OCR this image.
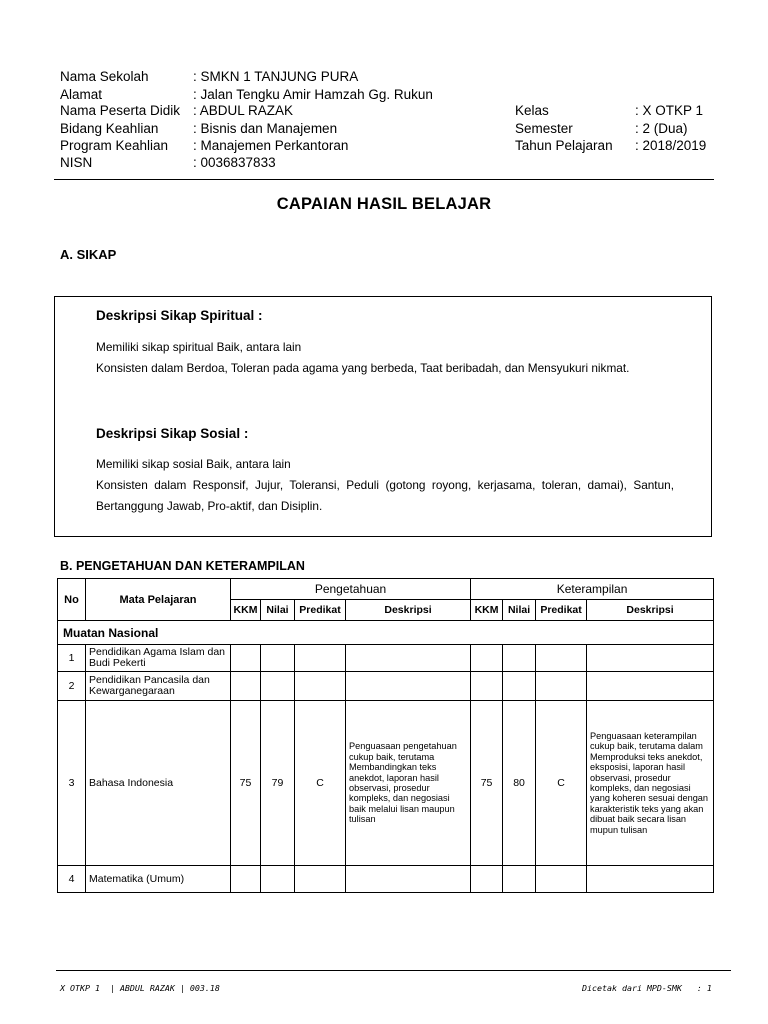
Nama Sekolah	: SMKN 1 TANJUNG PURA
Alamat	: Jalan Tengku Amir Hamzah Gg. Rukun
Nama Peserta Didik : ABDUL RAZAK
Bidang Keahlian	: Bisnis dan Manajemen
Program Keahlian : Manajemen Perkantoran
NISN	: 0036837833
Kelas	: X OTKP 1
Semester	: 2 (Dua)
Tahun Pelajaran : 2018/2019
CAPAIAN HASIL BELAJAR
A. SIKAP
Deskripsi Sikap Spiritual :
Memiliki sikap spiritual Baik, antara lain
Konsisten dalam Berdoa, Toleran pada agama yang berbeda, Taat beribadah, dan Mensyukuri nikmat.
Deskripsi Sikap Sosial :
Memiliki sikap sosial Baik, antara lain
Konsisten dalam Responsif, Jujur, Toleransi, Peduli (gotong royong, kerjasama, toleran, damai), Santun, Bertanggung Jawab, Pro-aktif, dan Disiplin.
B. PENGETAHUAN DAN KETERAMPILAN
No	Mata Pelajaran	Pengetahuan				Keterampilan			
		KKM	Nilai	Predikat	Deskripsi	KKM	Nilai	Predikat	Deskripsi
Muatan Nasional									
1	Pendidikan Agama Islam dan Budi Pekerti								
2	Pendidikan Pancasila dan Kewarganegaraan								
3	Bahasa Indonesia	75	79	C	Penguasaan pengetahuan cukup baik, terutama Membandingkan teks anekdot, laporan hasil observasi, prosedur kompleks, dan negosiasi baik melalui lisan maupun tulisan	75	80	C	Penguasaan keterampilan cukup baik, terutama dalam Memproduksi teks anekdot, eksposisi, laporan hasil observasi, prosedur kompleks, dan negosiasi yang koheren sesuai dengan karakteristik teks yang akan dibuat baik secara lisan mupun tulisan
4	Matematika (Umum)								
X OTKP 1  | ABDUL RAZAK | 003.18	Dicetak dari MPD-SMK   : 1
